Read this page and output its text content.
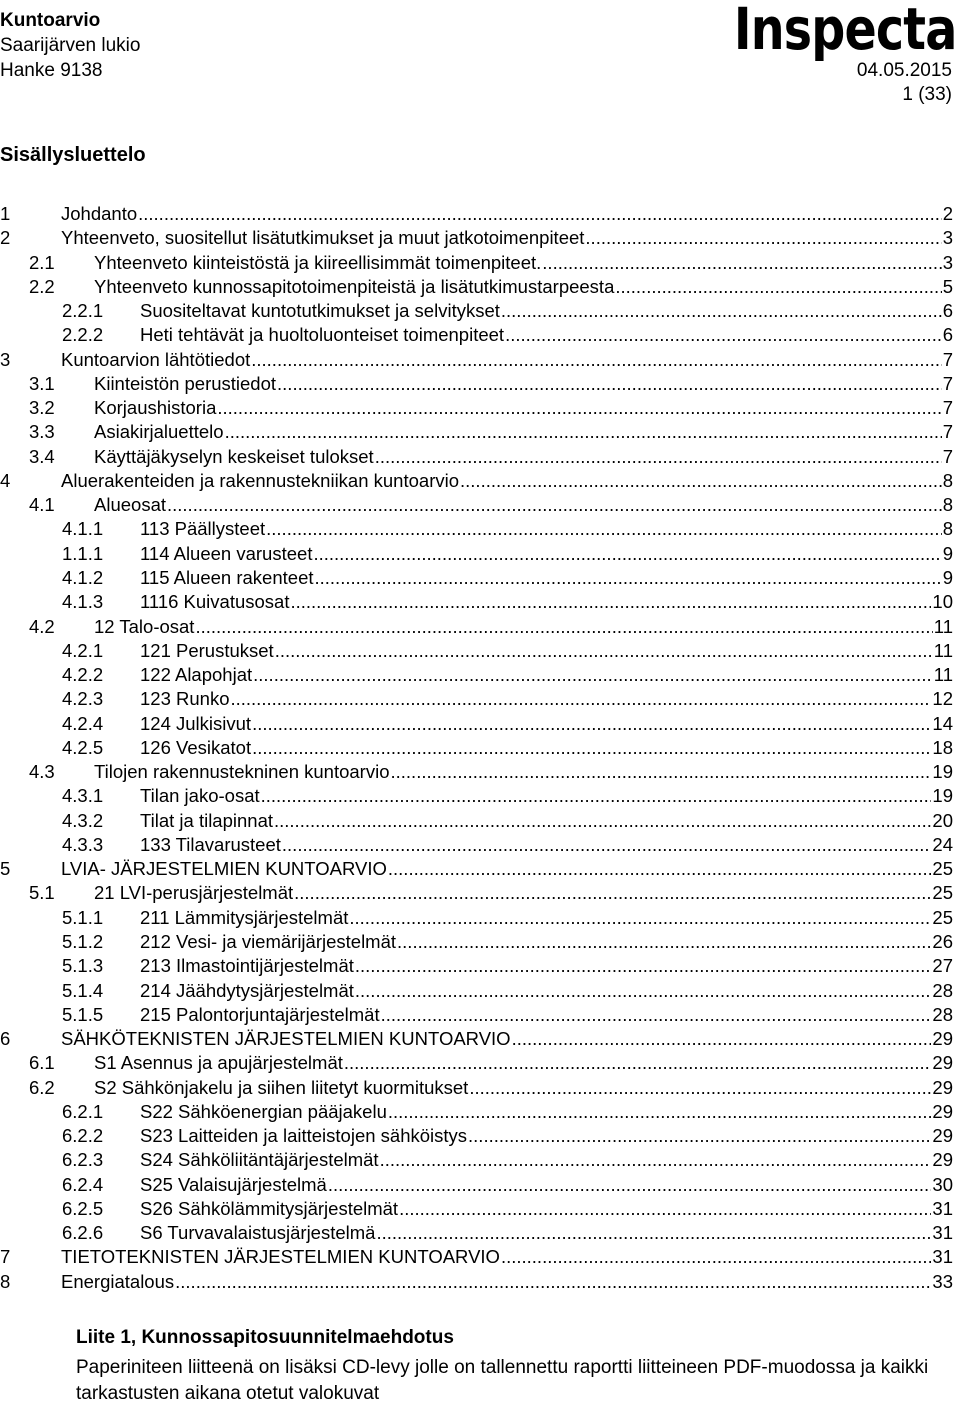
Kuntoarvio
Saarijärven lukio
Hanke 9138
Inspecta
04.05.2015
1 (33)
Sisällysluettelo
1	Johdanto .....	2
2	Yhteenveto, suositellut lisätutkimukset ja muut jatkotoimenpiteet .....	3
2.1	Yhteenveto kiinteistöstä ja kiireellisimmät toimenpiteet. .....	3
2.2	Yhteenveto kunnossapitotoimenpiteistä ja lisätutkimustarpeesta .....	5
2.2.1	Suositeltavat kuntotutkimukset ja selvitykset .....	6
2.2.2	Heti tehtävät ja huoltoluonteiset toimenpiteet .....	6
3	Kuntoarvion lähtötiedot .....	7
3.1	Kiinteistön perustiedot .....	7
3.2	Korjaushistoria .....	7
3.3	Asiakirjaluettelo .....	7
3.4	Käyttäjäkyselyn keskeiset tulokset .....	7
4	Aluerakenteiden ja rakennustekniikan kuntoarvio .....	8
4.1	Alueosat .....	8
4.1.1	113 Päällysteet .....	8
1.1.1	114 Alueen varusteet .....	9
4.1.2	115 Alueen rakenteet .....	9
4.1.3	1116 Kuivatusosat .....	10
4.2	12 Talo-osat .....	11
4.2.1	121 Perustukset .....	11
4.2.2	122 Alapohjat .....	11
4.2.3	123 Runko .....	12
4.2.4	124 Julkisivut .....	14
4.2.5	126 Vesikatot .....	18
4.3	Tilojen rakennustekninen kuntoarvio .....	19
4.3.1	Tilan jako-osat .....	19
4.3.2	Tilat ja tilapinnat .....	20
4.3.3	133 Tilavarusteet .....	24
5	LVIA- JÄRJESTELMIEN KUNTOARVIO .....	25
5.1	21 LVI-perusjärjestelmät .....	25
5.1.1	211 Lämmitysjärjestelmät .....	25
5.1.2	212 Vesi- ja viemärijärjestelmät .....	26
5.1.3	213 Ilmastointijärjestelmät .....	27
5.1.4	214 Jäähdytysjärjestelmät .....	28
5.1.5	215 Palontorjuntajärjestelmät .....	28
6	SÄHKÖTEKNISTEN JÄRJESTELMIEN KUNTOARVIO .....	29
6.1	S1 Asennus ja apujärjestelmät .....	29
6.2	S2 Sähkönjakelu ja siihen liitetyt kuormitukset .....	29
6.2.1	S22 Sähköenergian pääjakelu .....	29
6.2.2	S23 Laitteiden ja laitteistojen sähköistys .....	29
6.2.3	S24 Sähköliitäntäjärjestelmät .....	29
6.2.4	S25 Valaisujärjestelmä .....	30
6.2.5	S26 Sähkölämmitysjärjestelmät .....	31
6.2.6	S6 Turvavalaistusjärjestelmä .....	31
7	TIETOTEKNISTEN JÄRJESTELMIEN KUNTOARVIO .....	31
8	Energiatalous .....	33
Liite 1, Kunnossapitosuunnitelmaehdotus
Paperiniteen liitteenä on lisäksi CD-levy jolle on tallennettu raportti liitteineen PDF-muodossa ja kaikki tarkastusten aikana otetut valokuvat
